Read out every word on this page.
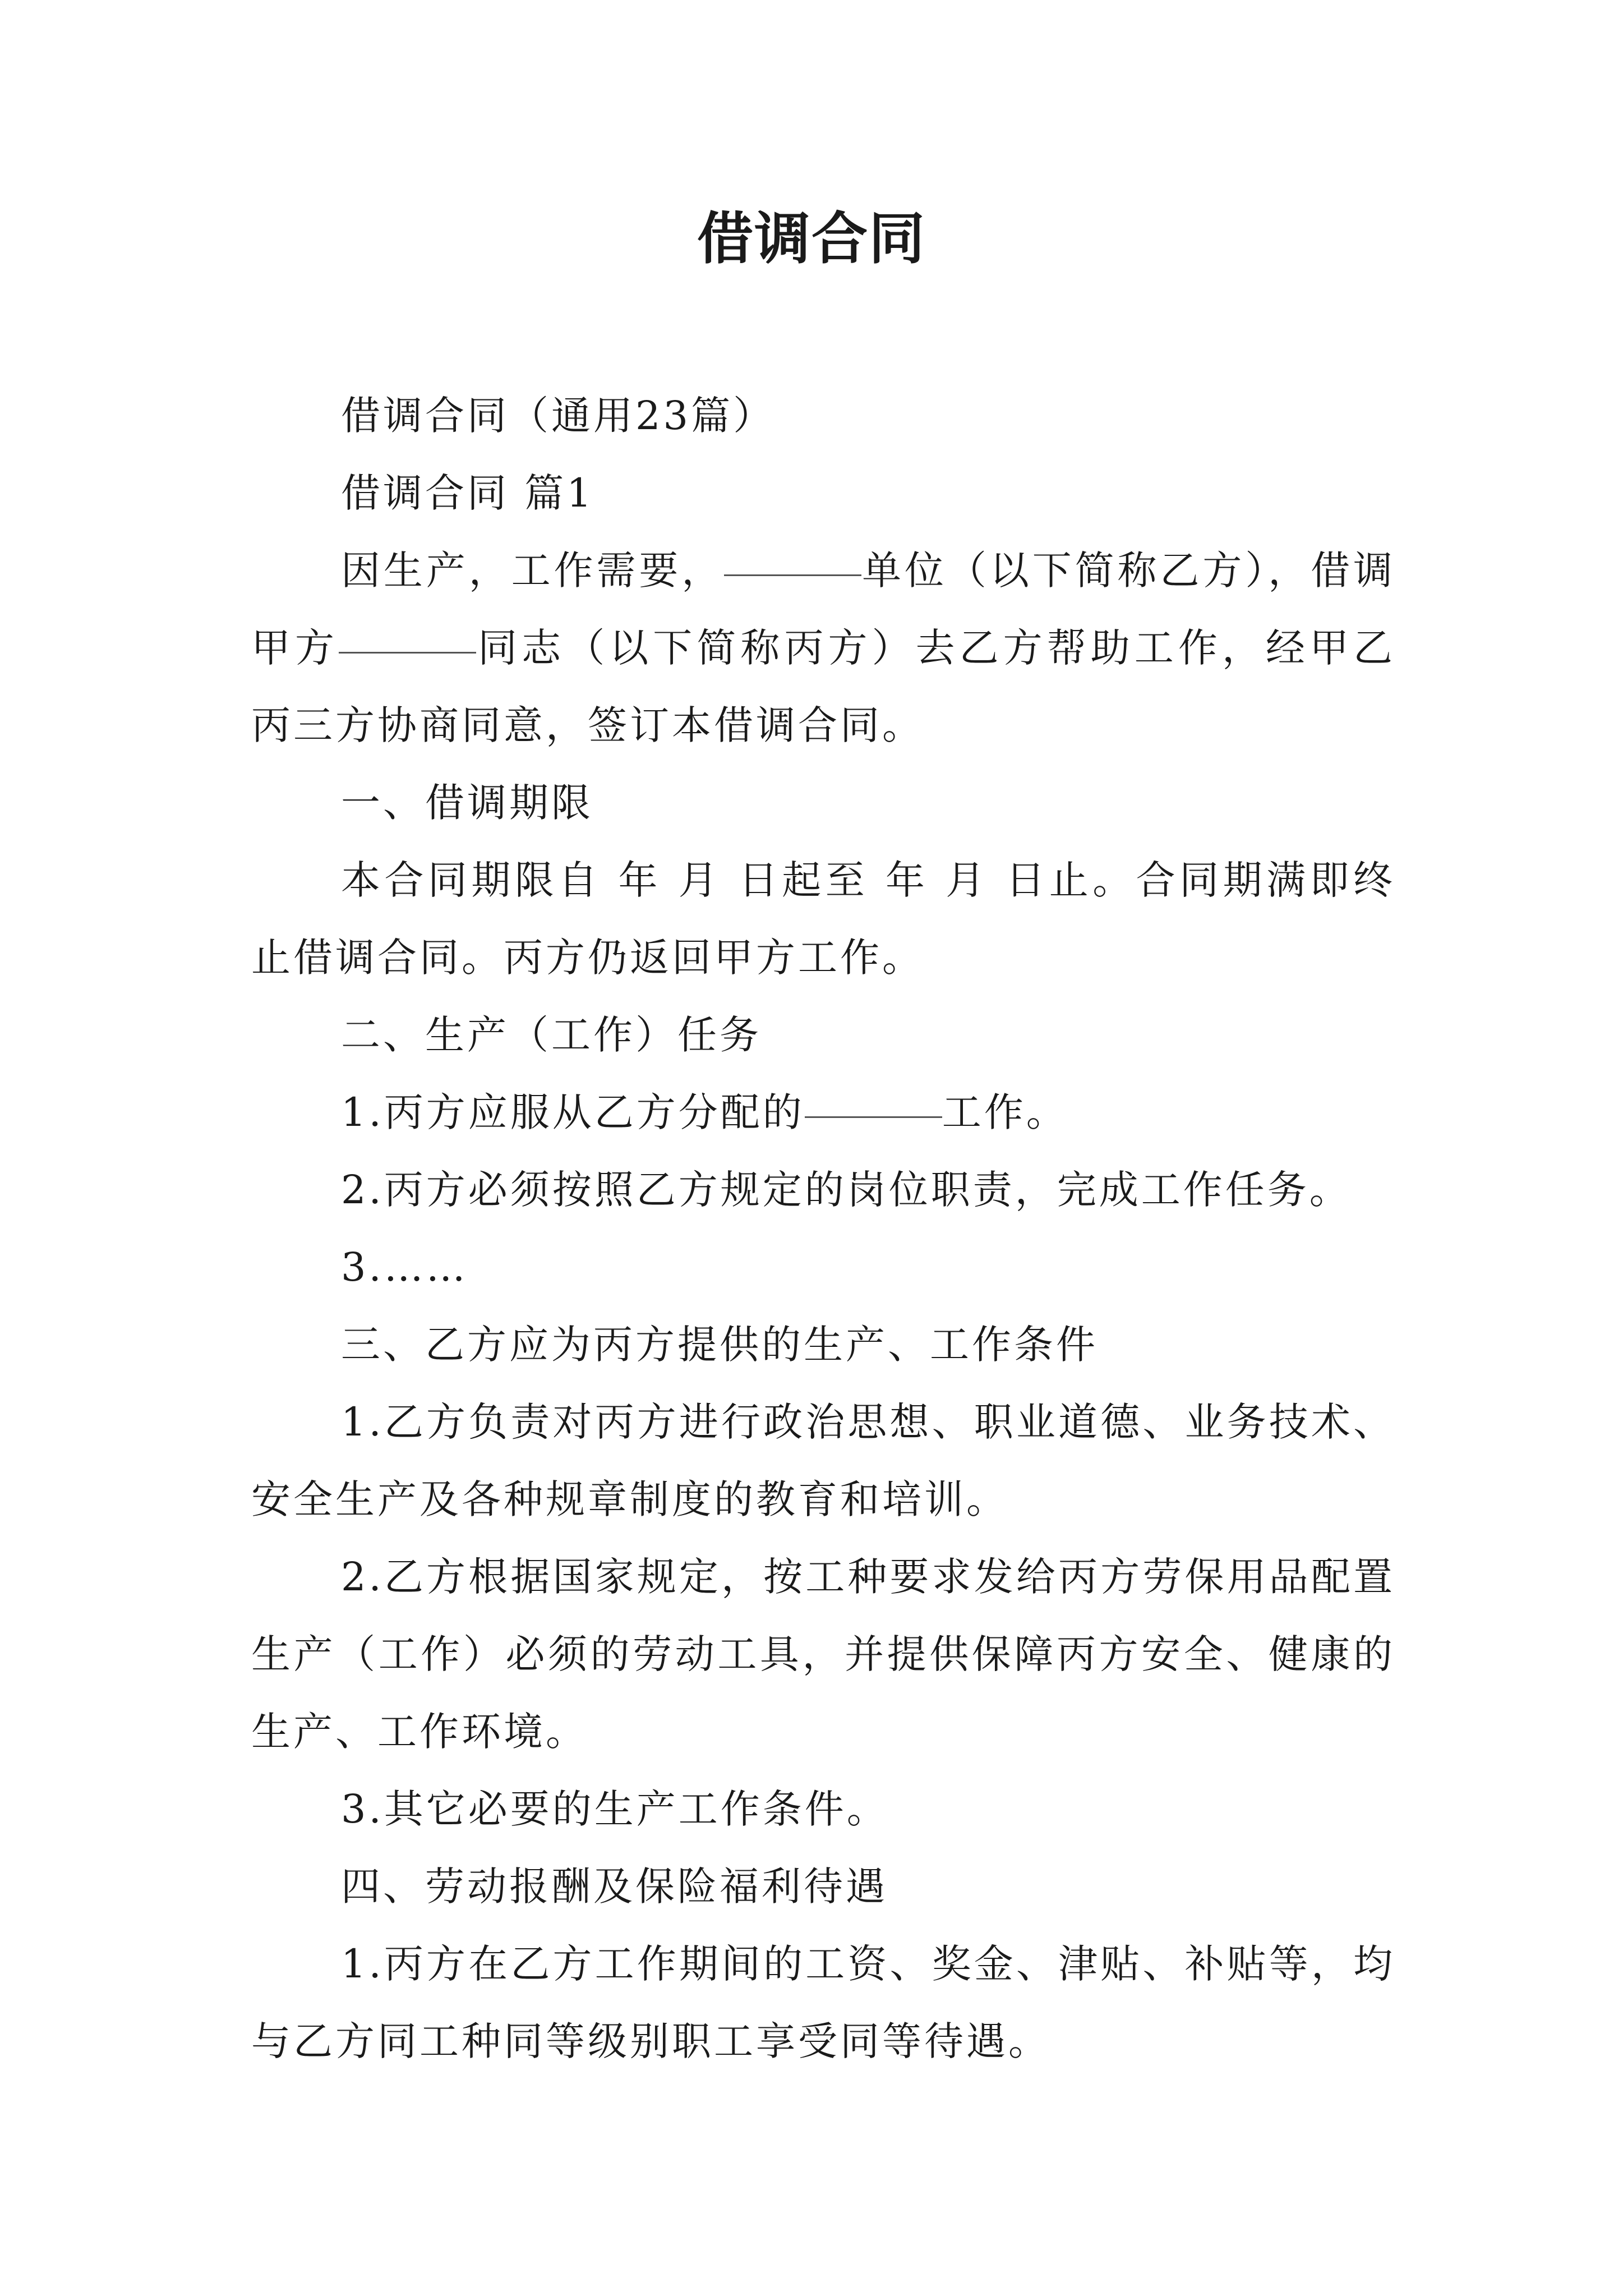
借调合同

借调合同（通用23篇）

借调合同 篇1

因生产，工作需要，	单位（以下简称乙方），借调甲方	同志（以下简称丙方）去乙方帮助工作，经甲乙丙三方协商同意，签订本借调合同。

一、借调期限

本合同期限自 年 月 日起至 年 月 日止。合同期满即终止借调合同。丙方仍返回甲方工作。

二、生产（工作）任务

1.丙方应服从乙方分配的	工作。

2.丙方必须按照乙方规定的岗位职责，完成工作任务。

3.……

三、乙方应为丙方提供的生产、工作条件

1.乙方负责对丙方进行政治思想、职业道德、业务技术、安全生产及各种规章制度的教育和培训。

2.乙方根据国家规定，按工种要求发给丙方劳保用品配置生产（工作）必须的劳动工具，并提供保障丙方安全、健康的生产、工作环境。

3.其它必要的生产工作条件。

四、劳动报酬及保险福利待遇

1.丙方在乙方工作期间的工资、奖金、津贴、补贴等，均与乙方同工种同等级别职工享受同等待遇。
